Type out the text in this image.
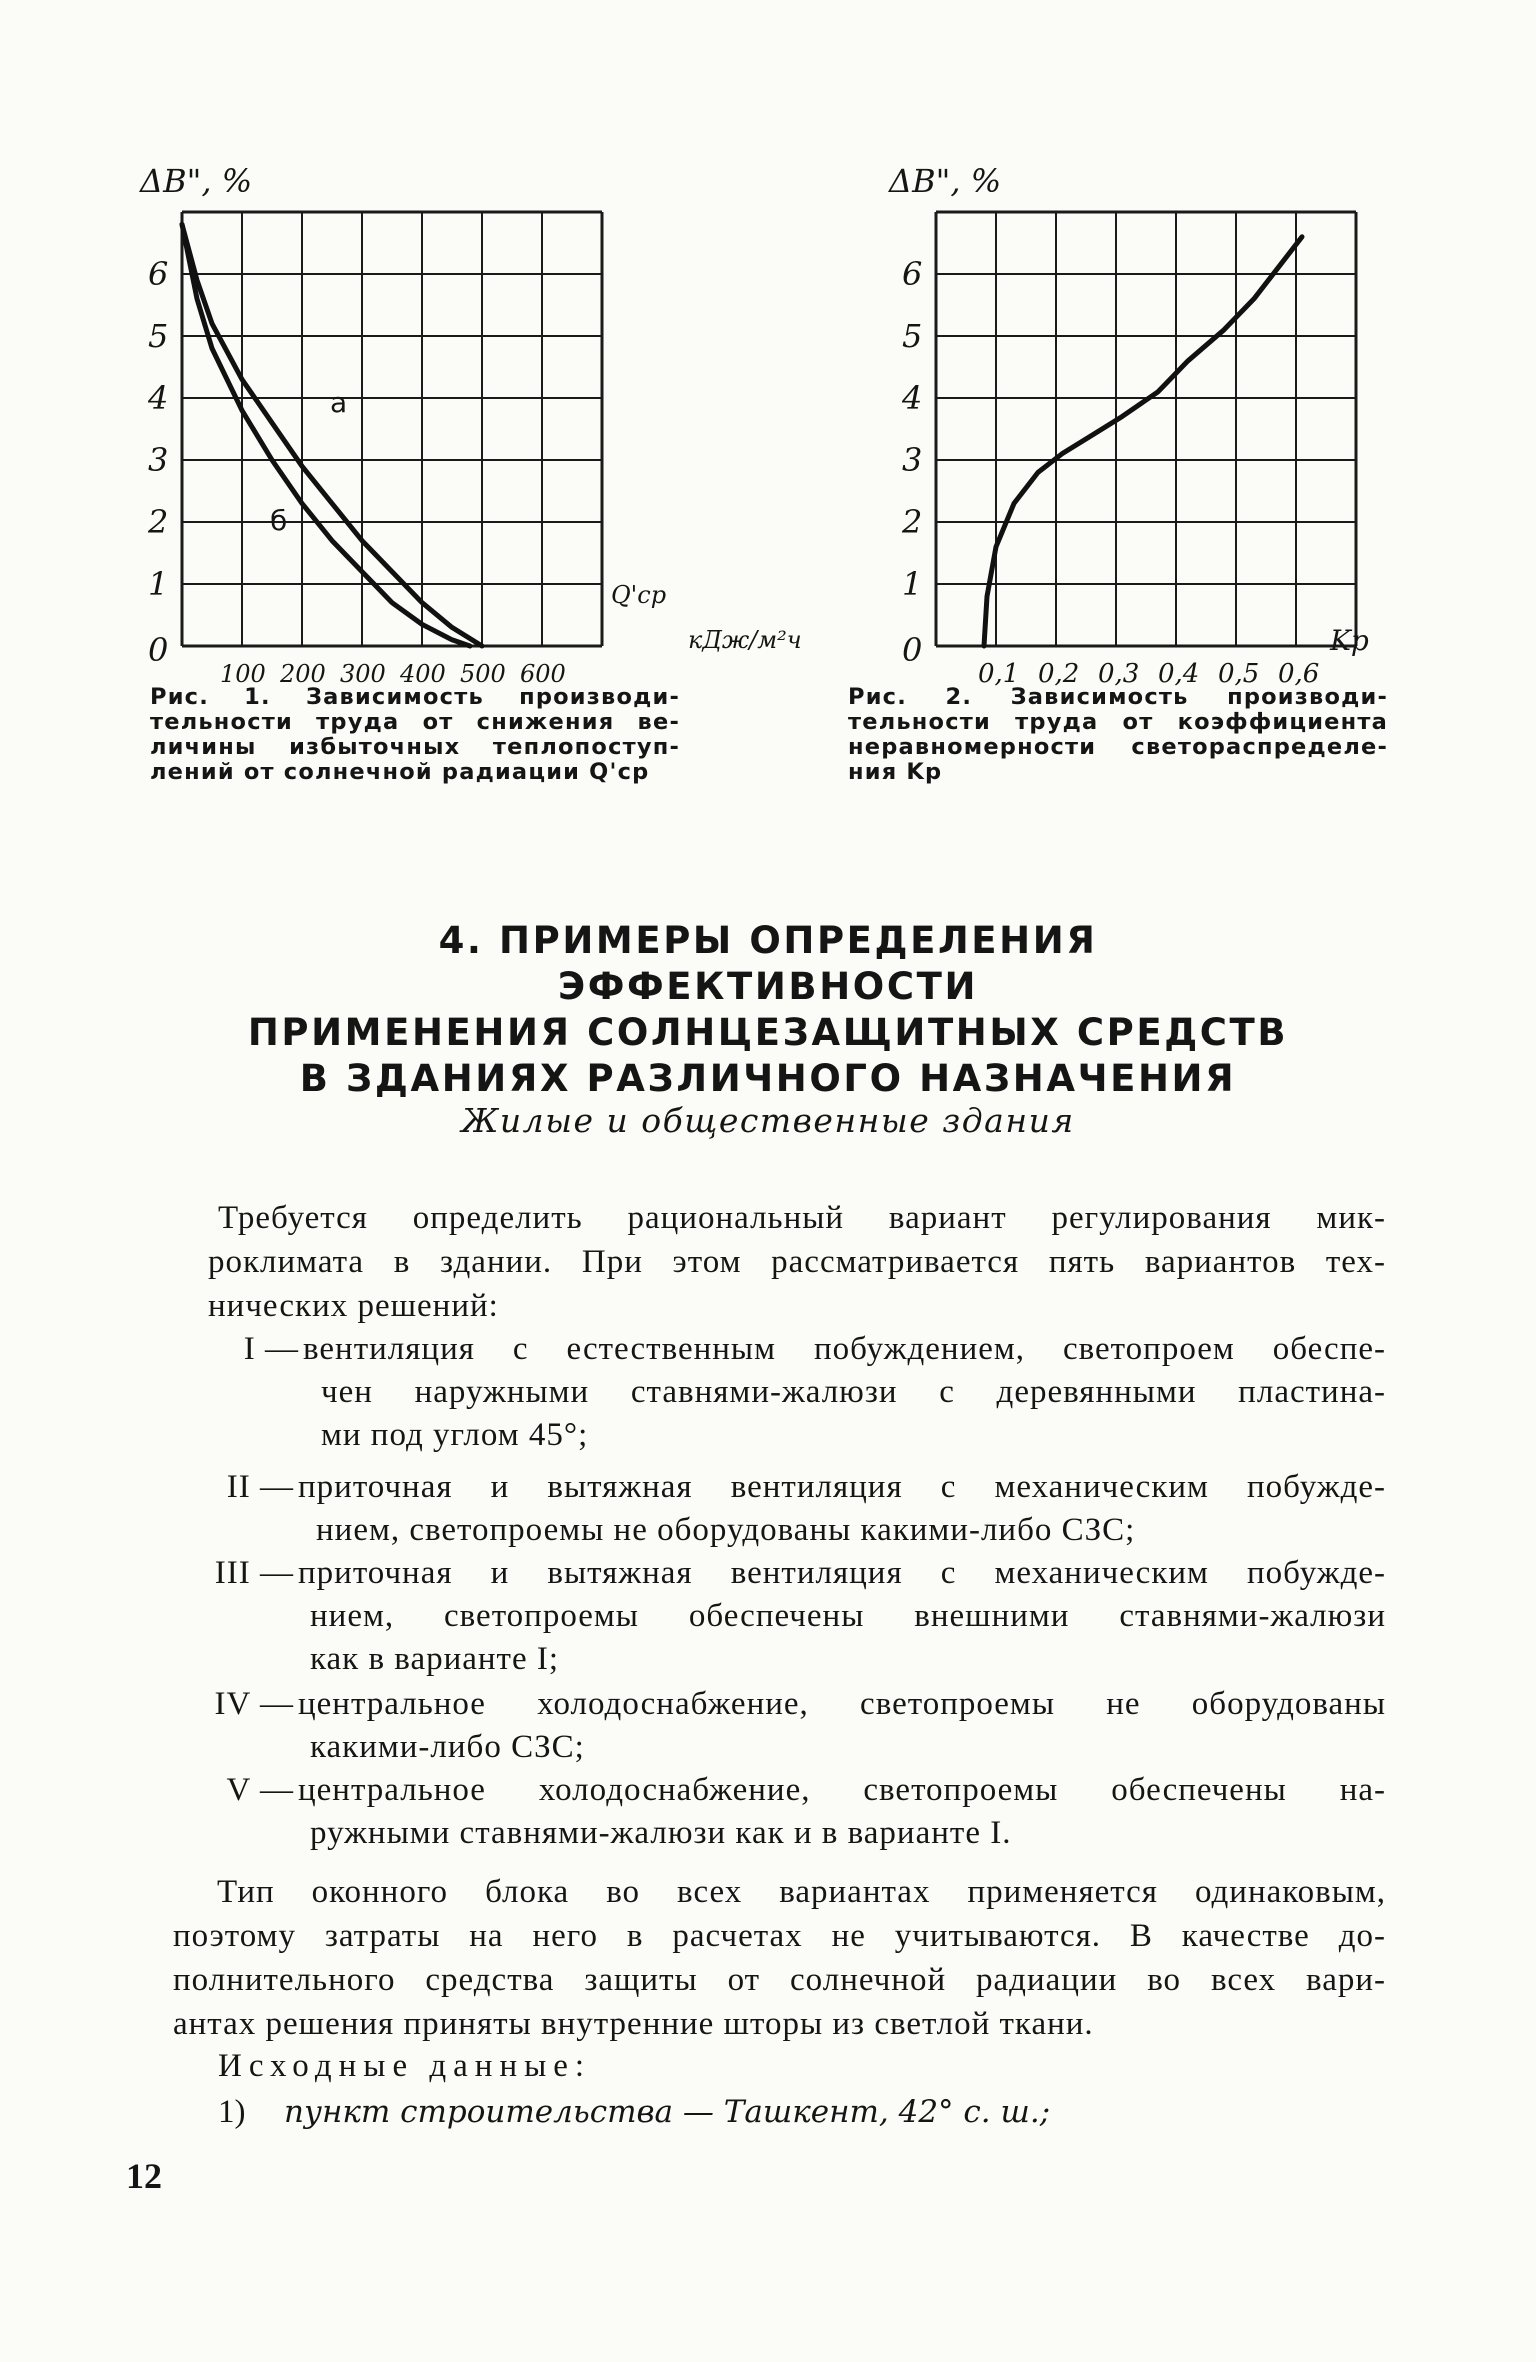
ΔB", %
0
1
2
3
4
5
6
100 200 300 400 500 600
а
б
Q'ср
кДж/м²ч
Рис. 1. Зависимость производи-
тельности труда от снижения ве-
личины избыточных теплопоступ-
лений от солнечной радиации Q'ср
ΔB", %
0
1
2
3
4
5
6
0,1 0,2 0,3 0,4 0,5 0,6
Kр
Рис. 2. Зависимость производи-
тельности труда от коэффициента
неравномерности светораспределе-
ния Kр
4. ПРИМЕРЫ ОПРЕДЕЛЕНИЯ ЭФФЕКТИВНОСТИ
ПРИМЕНЕНИЯ СОЛНЦЕЗАЩИТНЫХ СРЕДСТВ
В ЗДАНИЯХ РАЗЛИЧНОГО НАЗНАЧЕНИЯ
Жилые и общественные здания
Требуется определить рациональный вариант регулирования мик-
роклимата в здании. При этом рассматривается пять вариантов тех-
нических решений:
I — вентиляция с естественным побуждением, светопроем обеспе-
чен наружными ставнями-жалюзи с деревянными пластина-
ми под углом 45°;
II — приточная и вытяжная вентиляция с механическим побужде-
нием, светопроемы не оборудованы какими-либо СЗС;
III — приточная и вытяжная вентиляция с механическим побужде-
нием, светопроемы обеспечены внешними ставнями-жалюзи
как в варианте I;
IV — центральное холодоснабжение, светопроемы не оборудованы
какими-либо СЗС;
V — центральное холодоснабжение, светопроемы обеспечены на-
ружными ставнями-жалюзи как и в варианте I.
Тип оконного блока во всех вариантах применяется одинаковым,
поэтому затраты на него в расчетах не учитываются. В качестве до-
полнительного средства защиты от солнечной радиации во всех вари-
антах решения приняты внутренние шторы из светлой ткани.
Исходные данные:
1) пункт строительства — Ташкент, 42° с. ш.;
12
